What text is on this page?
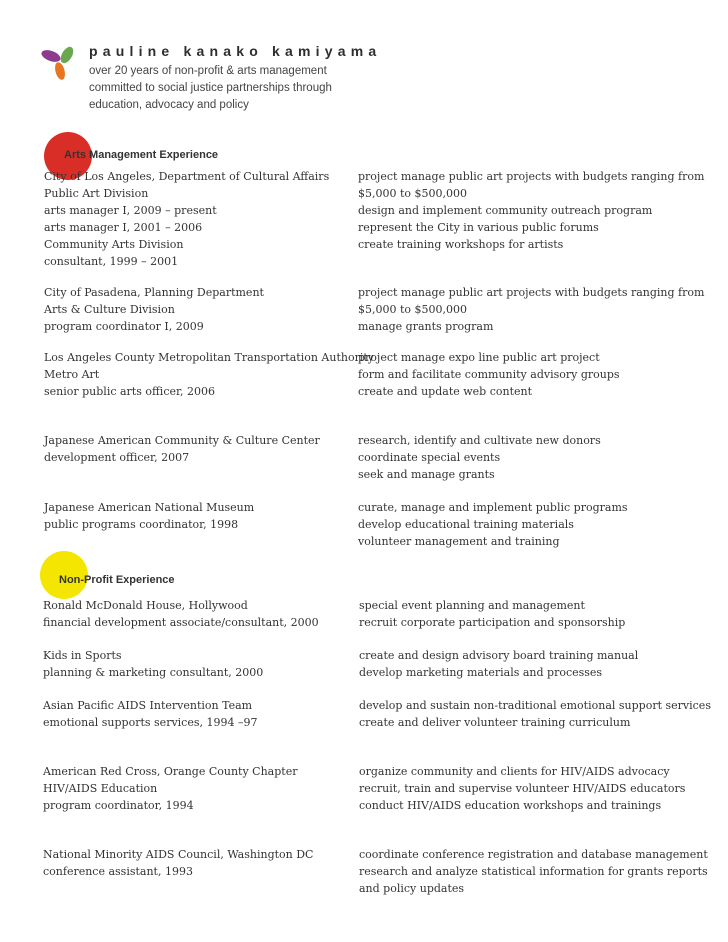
pauline kanako kamiyama
over 20 years of non-profit & arts management
committed to social justice partnerships through
education, advocacy and policy
Arts Management Experience
Non-Profit Experience
City of Los Angeles, Department of Cultural Affairs
Public Art Division
arts manager I, 2009 – present
arts manager I, 2001 – 2006
Community Arts Division
consultant, 1999 – 2001
project manage public art projects with budgets ranging from
$5,000 to $500,000
design and implement community outreach program
represent the City in various public forums
create training workshops for artists
City of Pasadena, Planning Department
Arts & Culture Division
program coordinator I, 2009
project manage public art projects with budgets ranging from
$5,000 to $500,000
manage grants program
Los Angeles County Metropolitan Transportation Authority
Metro Art
senior public arts officer, 2006
project manage expo line public art project
form and facilitate community advisory groups
create and update web content
Japanese American Community & Culture Center
development officer, 2007
research, identify and cultivate new donors
coordinate special events
seek and manage grants
Japanese American National Museum
public programs coordinator, 1998
curate, manage and implement public programs
develop educational training materials
volunteer management and training
Ronald McDonald House, Hollywood
financial development associate/consultant, 2000
special event planning and management
recruit corporate participation and sponsorship
Kids in Sports
planning & marketing consultant, 2000
create and design advisory board training manual
develop marketing materials and processes
Asian Pacific AIDS Intervention Team
emotional supports services, 1994 –97
develop and sustain non-traditional emotional support services
create and deliver volunteer training curriculum
American Red Cross, Orange County Chapter
HIV/AIDS Education
program coordinator, 1994
organize community and clients for HIV/AIDS advocacy
recruit, train and supervise volunteer HIV/AIDS educators
conduct HIV/AIDS education workshops and trainings
National Minority AIDS Council, Washington DC
conference assistant, 1993
coordinate conference registration and database management
research and analyze statistical information for grants reports
and policy updates
